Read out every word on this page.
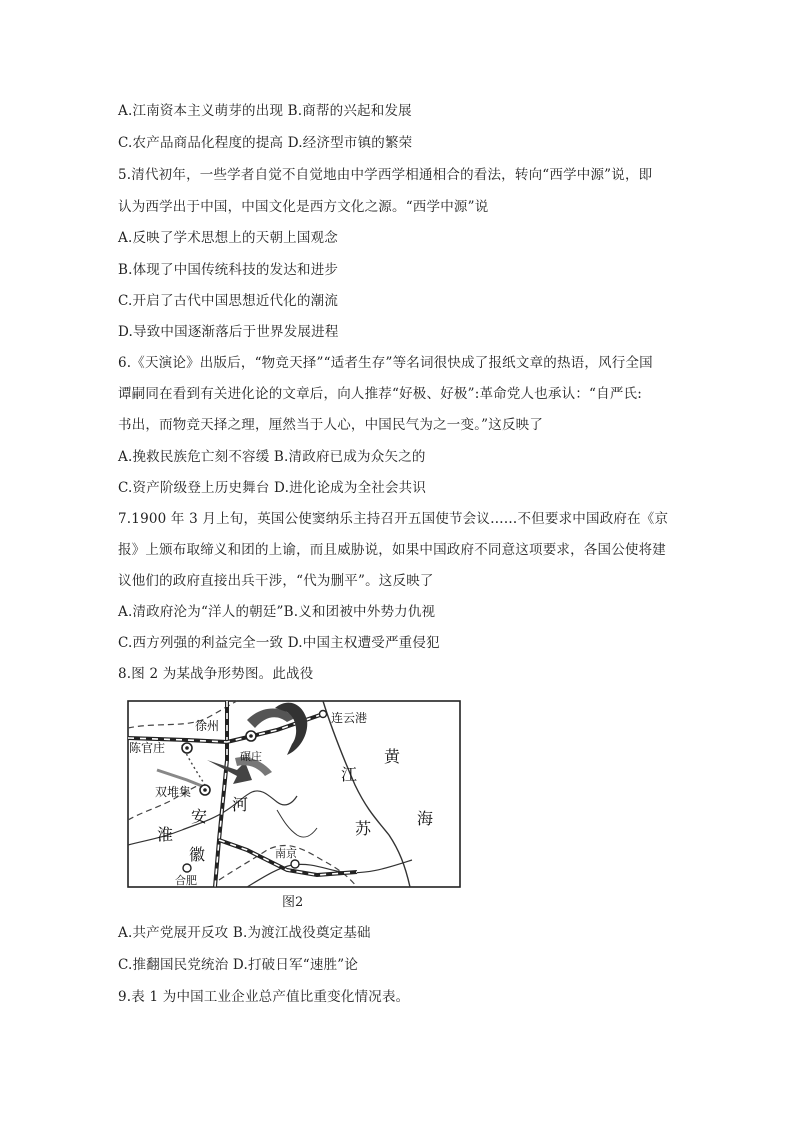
A.江南资本主义萌芽的出现 B.商帮的兴起和发展
C.农产品商品化程度的提高 D.经济型市镇的繁荣
5.清代初年，一些学者自觉不自觉地由中学西学相通相合的看法，转向“西学中源”说，即
认为西学出于中国，中国文化是西方文化之源。“西学中源”说
A.反映了学术思想上的天朝上国观念
B.体现了中国传统科技的发达和进步
C.开启了古代中国思想近代化的潮流
D.导致中国逐渐落后于世界发展进程
6.《天演论》出版后，“物竞天择”“适者生存”等名词很快成了报纸文章的热语，风行全国
谭嗣同在看到有关进化论的文章后，向人推荐“好极、好极”:革命党人也承认：“自严氏:
书出，而物竞天择之理，厘然当于人心，中国民气为之一变。”这反映了
A.挽救民族危亡刻不容缓 B.清政府已成为众矢之的
C.资产阶级登上历史舞台 D.进化论成为全社会共识
7.1900 年 3 月上旬，英国公使窦纳乐主持召开五国使节会议……不但要求中国政府在《京
报》上颁布取缔义和团的上谕，而且威胁说，如果中国政府不同意这项要求，各国公使将建
议他们的政府直接出兵干涉，“代为删平”。这反映了
A.清政府沦为“洋人的朝廷”B.义和团被中外势力仇视
C.西方列强的利益完全一致 D.中国主权遭受严重侵犯
8.图 2 为某战争形势图。此战役
徐州
连云港
陈官庄
碾庄
双堆集
黄
海
江
苏
河
安
淮
徽	南京
合肥
图2
A.共产党展开反攻 B.为渡江战役奠定基础
C.推翻国民党统治 D.打破日军“速胜”论
9.表 1 为中国工业企业总产值比重变化情况表。
